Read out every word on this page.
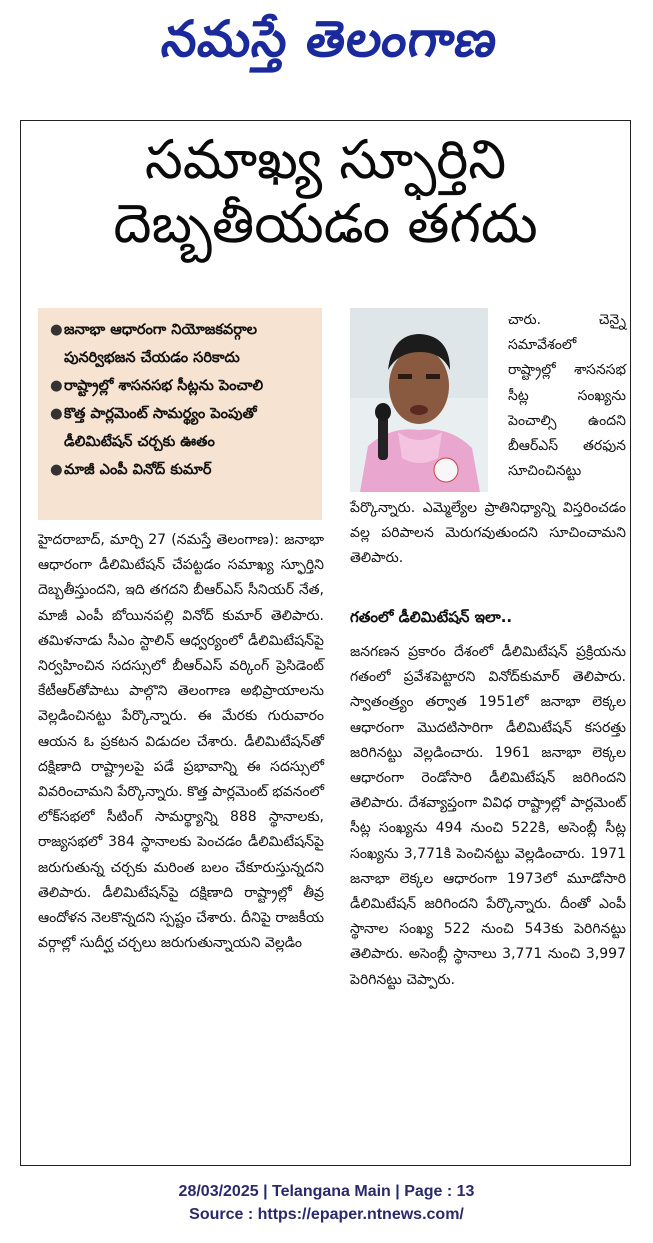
నమస్తే తెలంగాణ
సమాఖ్య స్ఫూర్తిని
దెబ్బతీయడం తగదు
● జనాభా ఆధారంగా నియోజకవర్గాల పునర్విభజన చేయడం సరికాదు
● రాష్ట్రాల్లో శాసనసభ సీట్లను పెంచాలి
● కొత్త పార్లమెంట్ సామర్థ్యం పెంపుతో డీలిమిటేషన్ చర్చకు ఊతం
● మాజీ ఎంపీ వినోద్ కుమార్

చారు. చెన్నై సమావేశంలో రాష్ట్రాల్లో శాసనసభ సీట్ల సంఖ్యను పెంచాల్సి ఉందని బీఆర్ఎస్ తరఫున సూచించినట్టు

పేర్కొన్నారు. ఎమ్మెల్యేల ప్రాతినిధ్యాన్ని విస్తరించడం వల్ల పరిపాలన మెరుగవుతుందని సూచించామని తెలిపారు.

హైదరాబాద్, మార్చి 27 (నమస్తే తెలంగాణ): జనాభా ఆధారంగా డీలిమిటేషన్ చేపట్టడం సమాఖ్య స్ఫూర్తిని దెబ్బతీస్తుందని, ఇది తగదని బీఆర్ఎస్ సీనియర్ నేత, మాజీ ఎంపీ బోయినపల్లి వినోద్ కుమార్ తెలిపారు. తమిళనాడు సీఎం స్టాలిన్ ఆధ్వర్యంలో డీలిమిటేషన్‌పై నిర్వహించిన సదస్సులో బీఆర్ఎస్ వర్కింగ్ ప్రెసిడెంట్ కేటీఆర్‌తోపాటు పాల్గొని తెలంగాణ అభిప్రాయాలను వెల్లడించినట్టు పేర్కొన్నారు. ఈ మేరకు గురువారం ఆయన ఓ ప్రకటన విడుదల చేశారు. డీలిమిటేషన్‌తో దక్షిణాది రాష్ట్రాలపై పడే ప్రభావాన్ని ఈ సదస్సులో వివరించామని పేర్కొన్నారు. కొత్త పార్లమెంట్ భవనంలో లోక్‌సభలో సీటింగ్ సామర్థ్యాన్ని 888 స్థానాలకు, రాజ్యసభలో 384 స్థానాలకు పెంచడం డీలిమిటేషన్‌పై జరుగుతున్న చర్చకు మరింత బలం చేకూరుస్తున్నదని తెలిపారు. డీలిమిటేషన్‌పై దక్షిణాది రాష్ట్రాల్లో తీవ్ర ఆందోళన నెలకొన్నదని స్పష్టం చేశారు. దీనిపై రాజకీయ వర్గాల్లో సుదీర్ఘ చర్చలు జరుగుతున్నాయని వెల్లడిం

గతంలో డీలిమిటేషన్ ఇలా..

జనగణన ప్రకారం దేశంలో డీలిమిటేషన్ ప్రక్రియను గతంలో ప్రవేశపెట్టారని వినోద్‌కుమార్ తెలిపారు. స్వాతంత్ర్యం తర్వాత 1951లో జనాభా లెక్కల ఆధారంగా మొదటిసారిగా డీలిమిటేషన్ కసరత్తు జరిగినట్టు వెల్లడించారు. 1961 జనాభా లెక్కల ఆధారంగా రెండోసారి డీలిమిటేషన్ జరిగిందని తెలిపారు. దేశవ్యాప్తంగా వివిధ రాష్ట్రాల్లో పార్లమెంట్ సీట్ల సంఖ్యను 494 నుంచి 522కి, అసెంబ్లీ సీట్ల సంఖ్యను 3,771కి పెంచినట్టు వెల్లడించారు. 1971 జనాభా లెక్కల ఆధారంగా 1973లో మూడోసారి డీలిమిటేషన్ జరిగిందని పేర్కొన్నారు. దీంతో ఎంపీ స్థానాల సంఖ్య 522 నుంచి 543కు పెరిగినట్టు తెలిపారు. అసెంబ్లీ స్థానాలు 3,771 నుంచి 3,997 పెరిగినట్టు చెప్పారు.

28/03/2025 | Telangana Main | Page : 13
Source : https://epaper.ntnews.com/
